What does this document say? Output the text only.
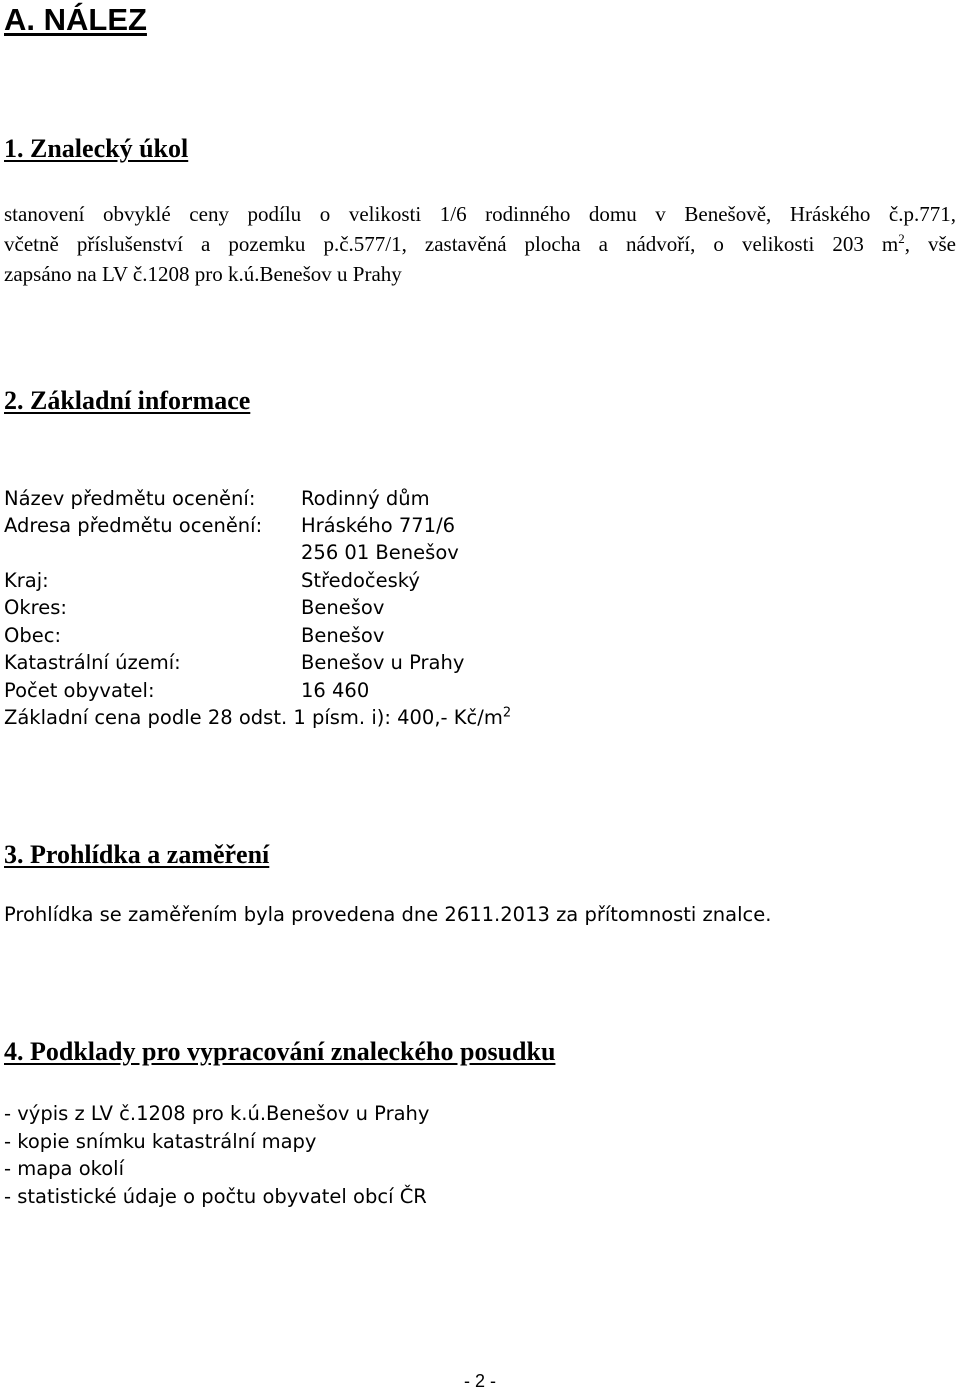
A. NÁLEZ
1. Znalecký úkol
stanovení obvyklé ceny podílu o velikosti 1/6 rodinného domu v Benešově, Hráského č.p.771,
včetně příslušenství a pozemku p.č.577/1, zastavěná plocha a nádvoří, o velikosti 203 $m^2$, vše
zapsáno na LV č.1208 pro k.ú.Benešov u Prahy
2. Základní informace
Název předmětu ocenění: Rodinný dům
Adresa předmětu ocenění: Hráského 771/6
256 01 Benešov
Kraj:	Středočeský
Okres:	Benešov
Obec:	Benešov
Katastrální území:	Benešov u Prahy
Počet obyvatel:	16 460
Základní cena podle 28 odst. 1 písm. i): 400,- $Kč/m^2$
3. Prohlídka a zaměření
Prohlídka se zaměřením byla provedena dne 2611.2013 za přítomnosti znalce.
4. Podklady pro vypracování znaleckého posudku
- výpis z LV č.1208 pro k.ú.Benešov u Prahy
- kopie snímku katastrální mapy
- mapa okolí
- statistické údaje o počtu obyvatel obcí ČR
- 2 -
